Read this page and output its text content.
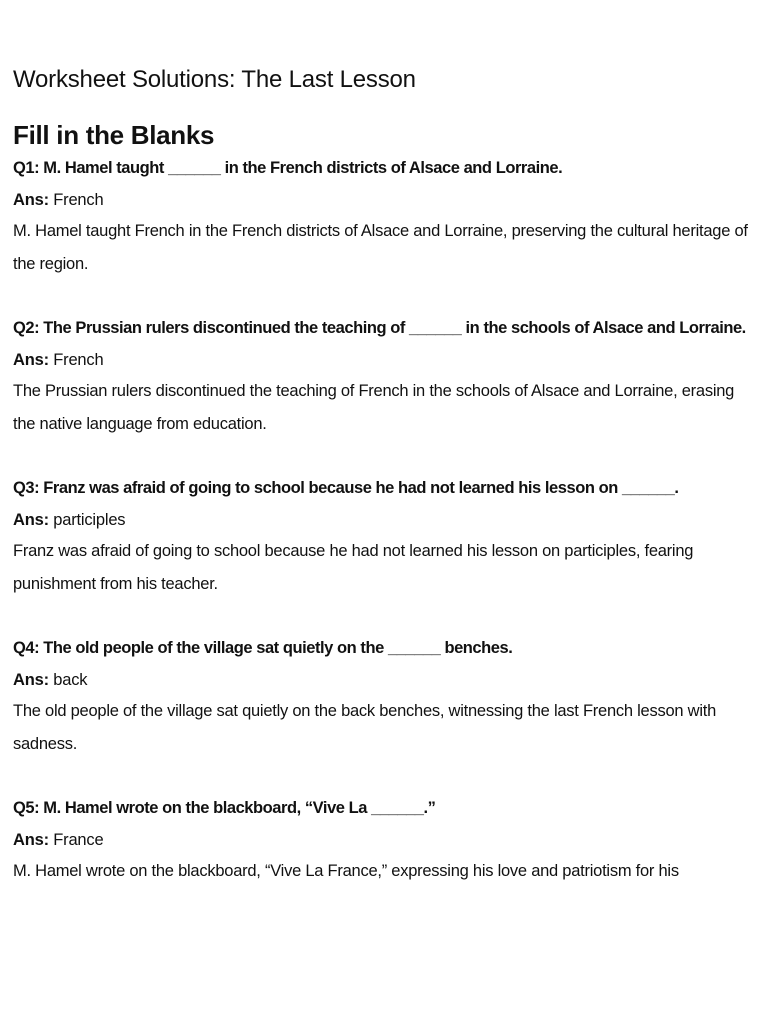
Worksheet Solutions: The Last Lesson
Fill in the Blanks

Q1: M. Hamel taught ______ in the French districts of Alsace and Lorraine.

Ans: French

M. Hamel taught French in the French districts of Alsace and Lorraine, preserving the cultural heritage of the region.

Q2: The Prussian rulers discontinued the teaching of ______ in the schools of Alsace and Lorraine.

Ans: French

The Prussian rulers discontinued the teaching of French in the schools of Alsace and Lorraine, erasing the native language from education.

Q3: Franz was afraid of going to school because he had not learned his lesson on ______.

Ans: participles

Franz was afraid of going to school because he had not learned his lesson on participles, fearing punishment from his teacher.

Q4: The old people of the village sat quietly on the ______ benches.

Ans: back

The old people of the village sat quietly on the back benches, witnessing the last French lesson with sadness.

Q5: M. Hamel wrote on the blackboard, “Vive La ______.”

Ans: France

M. Hamel wrote on the blackboard, “Vive La France,” expressing his love and patriotism for his
